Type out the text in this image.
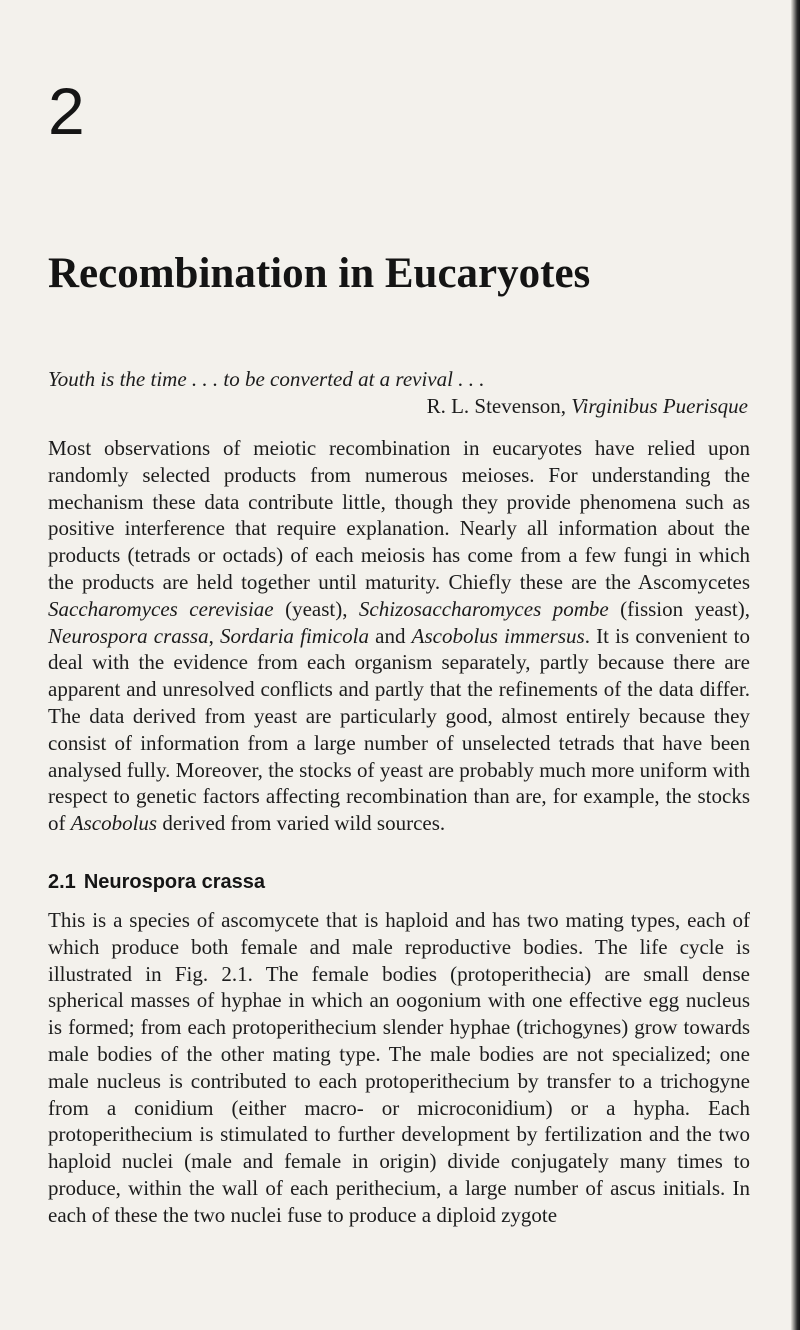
2
Recombination in Eucaryotes
Youth is the time . . . to be converted at a revival . . .
R. L. Stevenson, Virginibus Puerisque

Most observations of meiotic recombination in eucaryotes have relied upon randomly selected products from numerous meioses. For understanding the mechanism these data contribute little, though they provide phenomena such as positive interference that require explanation. Nearly all information about the products (tetrads or octads) of each meiosis has come from a few fungi in which the products are held together until maturity. Chiefly these are the Ascomycetes Saccharomyces cerevisiae (yeast), Schizosaccharomyces pombe (fission yeast), Neurospora crassa, Sordaria fimicola and Ascobolus immersus. It is convenient to deal with the evidence from each organism separately, partly because there are apparent and unresolved conflicts and partly that the refinements of the data differ. The data derived from yeast are particularly good, almost entirely because they consist of information from a large number of unselected tetrads that have been analysed fully. Moreover, the stocks of yeast are probably much more uniform with respect to genetic factors affecting recombination than are, for example, the stocks of Ascobolus derived from varied wild sources.

2.1 Neurospora crassa

This is a species of ascomycete that is haploid and has two mating types, each of which produce both female and male reproductive bodies. The life cycle is illustrated in Fig. 2.1. The female bodies (protoperithecia) are small dense spherical masses of hyphae in which an oogonium with one effective egg nucleus is formed; from each protoperithecium slender hyphae (trichogynes) grow towards male bodies of the other mating type. The male bodies are not specialized; one male nucleus is contributed to each protoperithecium by transfer to a trichogyne from a conidium (either macro- or microconidium) or a hypha. Each protoperithecium is stimulated to further development by fertilization and the two haploid nuclei (male and female in origin) divide conjugately many times to produce, within the wall of each perithecium, a large number of ascus initials. In each of these the two nuclei fuse to produce a diploid zygote
